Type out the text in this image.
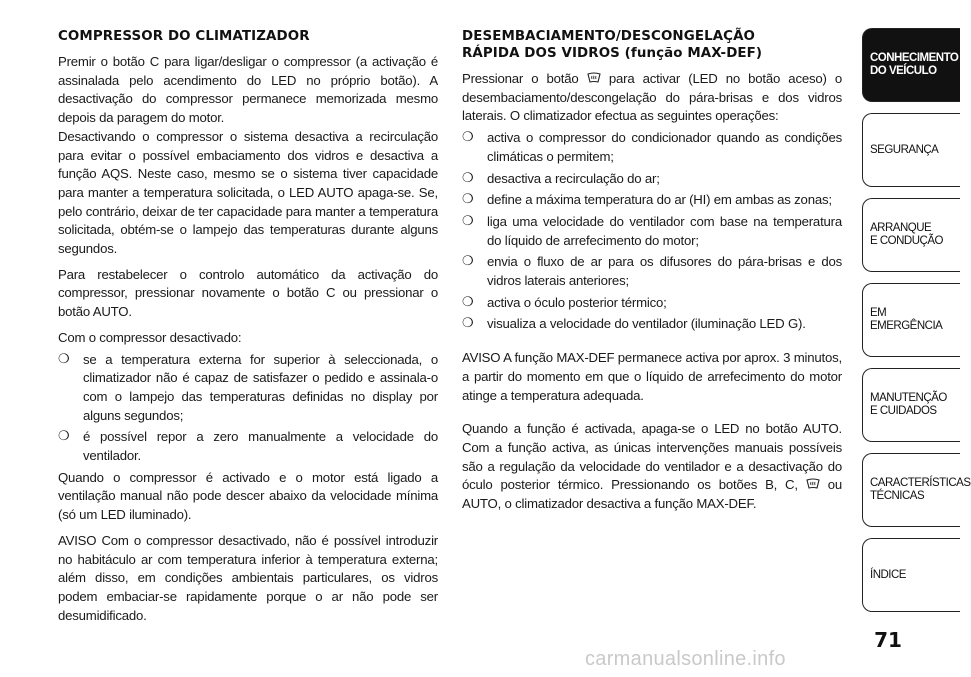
COMPRESSOR DO CLIMATIZADOR

Premir o botão C para ligar/desligar o compressor (a activação é assinalada pelo acendimento do LED no próprio botão). A desactivação do compressor permanece memorizada mesmo depois da paragem do motor.

Desactivando o compressor o sistema desactiva a recirculação para evitar o possível embaciamento dos vidros e desactiva a função AQS. Neste caso, mesmo se o sistema tiver capacidade para manter a temperatura solicitada, o LED AUTO apaga-se. Se, pelo contrário, deixar de ter capacidade para manter a temperatura solicitada, obtém-se o lampejo das temperaturas durante alguns segundos.

Para restabelecer o controlo automático da activação do compressor, pressionar novamente o botão C ou pressionar o botão AUTO.

Com o compressor desactivado:

❍ se a temperatura externa for superior à seleccionada, o climatizador não é capaz de satisfazer o pedido e assinala-o com o lampejo das temperaturas definidas no display por alguns segundos;
❍ é possível repor a zero manualmente a velocidade do ventilador.

Quando o compressor é activado e o motor está ligado a ventilação manual não pode descer abaixo da velocidade mínima (só um LED iluminado).

AVISO Com o compressor desactivado, não é possível introduzir no habitáculo ar com temperatura inferior à temperatura externa; além disso, em condições ambientais particulares, os vidros podem embaciar-se rapidamente porque o ar não pode ser desumidificado.

DESEMBACIAMENTO/DESCONGELAÇÃO
RÁPIDA DOS VIDROS (função MAX-DEF)

Pressionar o botão para activar (LED no botão aceso) o desembaciamento/descongelação do pára-brisas e dos vidros laterais. O climatizador efectua as seguintes operações:

❍ activa o compressor do condicionador quando as condições climáticas o permitem;
❍ desactiva a recirculação do ar;
❍ define a máxima temperatura do ar (HI) em ambas as zonas;
❍ liga uma velocidade do ventilador com base na temperatura do líquido de arrefecimento do motor;
❍ envia o fluxo de ar para os difusores do pára-brisas e dos vidros laterais anteriores;
❍ activa o óculo posterior térmico;
❍ visualiza a velocidade do ventilador (iluminação LED G).

AVISO A função MAX-DEF permanece activa por aprox. 3 minutos, a partir do momento em que o líquido de arrefecimento do motor atinge a temperatura adequada.

Quando a função é activada, apaga-se o LED no botão AUTO. Com a função activa, as únicas intervenções manuais possíveis são a regulação da velocidade do ventilador e a desactivação do óculo posterior térmico. Pressionando os botões B, C, ou AUTO, o climatizador desactiva a função MAX-DEF.

CONHECIMENTO
DO VEÍCULO
SEGURANÇA
ARRANQUE
E CONDUÇÃO
EM EMERGÊNCIA
MANUTENÇÃO
E CUIDADOS
CARACTERÍSTICAS
TÉCNICAS
ÍNDICE
71
carmanualsonline.info
